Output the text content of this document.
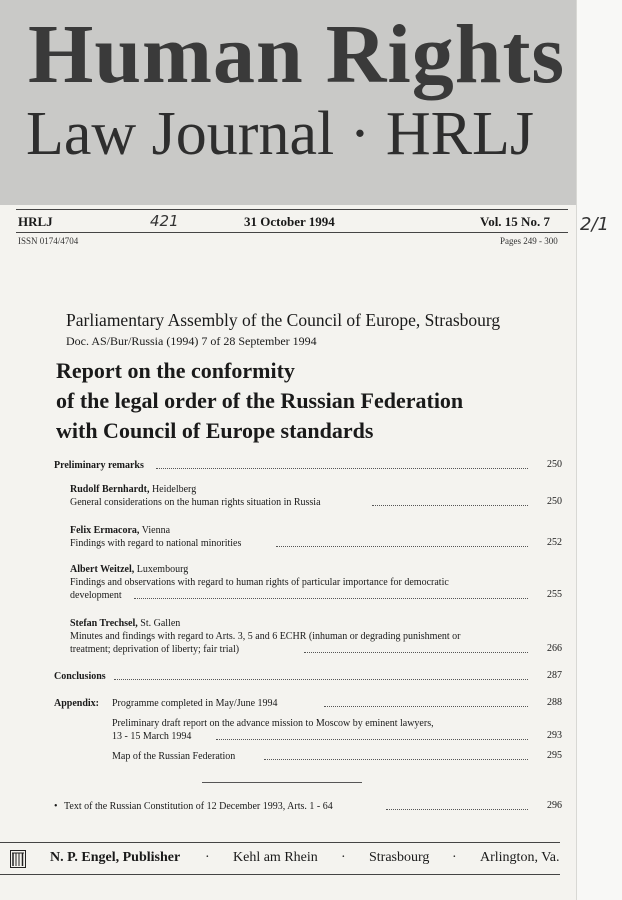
Human Rights
Law Journal · HRLJ
HRLJ	421	31 October 1994	Vol. 15 No. 7 2/1
ISSN 0174/4704	Pages 249 - 300
Parliamentary Assembly of the Council of Europe, Strasbourg
Doc. AS/Bur/Russia (1994) 7 of 28 September 1994
Report on the conformity
of the legal order of the Russian Federation
with Council of Europe standards
Preliminary remarks	250
Rudolf Bernhardt, Heidelberg
General considerations on the human rights situation in Russia	250
Felix Ermacora, Vienna
Findings with regard to national minorities	252
Albert Weitzel, Luxembourg
Findings and observations with regard to human rights of particular importance for democratic
development	255
Stefan Trechsel, St. Gallen
Minutes and findings with regard to Arts. 3, 5 and 6 ECHR (inhuman or degrading punishment or
treatment; deprivation of liberty; fair trial)	266
Conclusions	287
Appendix: Programme completed in May/June 1994	288
Preliminary draft report on the advance mission to Moscow by eminent lawyers,
13 - 15 March 1994	293
Map of the Russian Federation	295
• Text of the Russian Constitution of 12 December 1993, Arts. 1 - 64	296
N. P. Engel, Publisher · Kehl am Rhein · Strasbourg · Arlington, Va.
